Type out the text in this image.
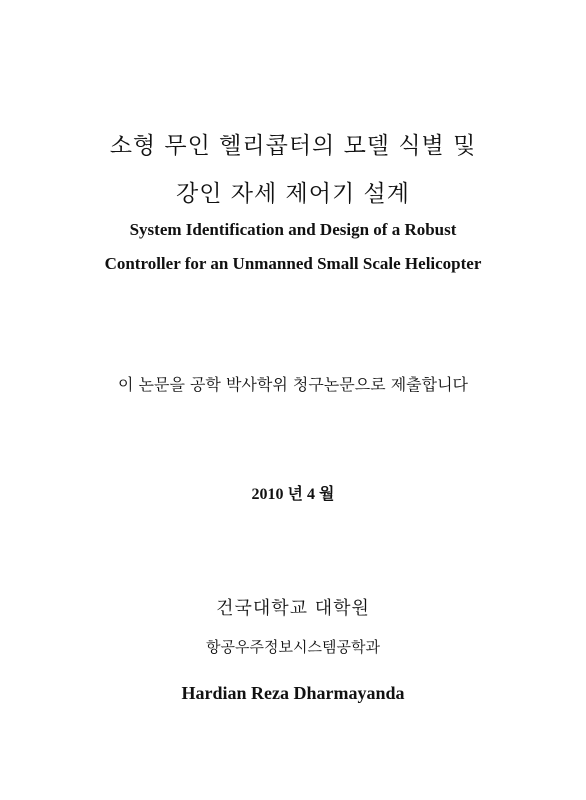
소형 무인 헬리콥터의 모델 식별 및
강인 자세 제어기 설계
System Identification and Design of a Robust
Controller for an Unmanned Small Scale Helicopter
이 논문을 공학 박사학위 청구논문으로 제출합니다
2010 년 4 월
건국대학교 대학원
항공우주정보시스템공학과
Hardian Reza Dharmayanda
